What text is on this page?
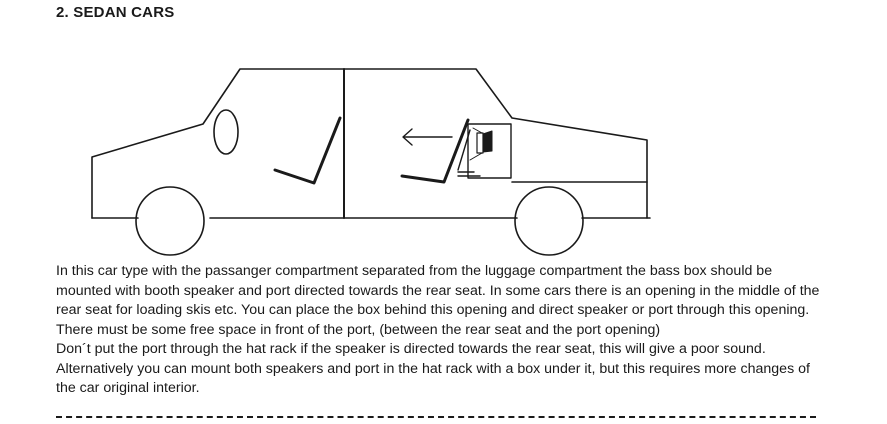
2. SEDAN CARS

In this car type with the passanger compartment separated from the luggage compartment the bass box should be mounted with booth speaker and port directed towards the rear seat. In some cars there is an opening in the middle of the rear seat for loading skis etc. You can place the box behind this opening and direct speaker or port through this opening. There must be some free space in front of the port, (between the rear seat and the port opening)

Don´t put the port through the hat rack if the speaker is directed towards the rear seat, this will give a poor sound. Alternatively you can mount both speakers and port in the hat rack with a box under it, but this requires more changes of the car original interior.
